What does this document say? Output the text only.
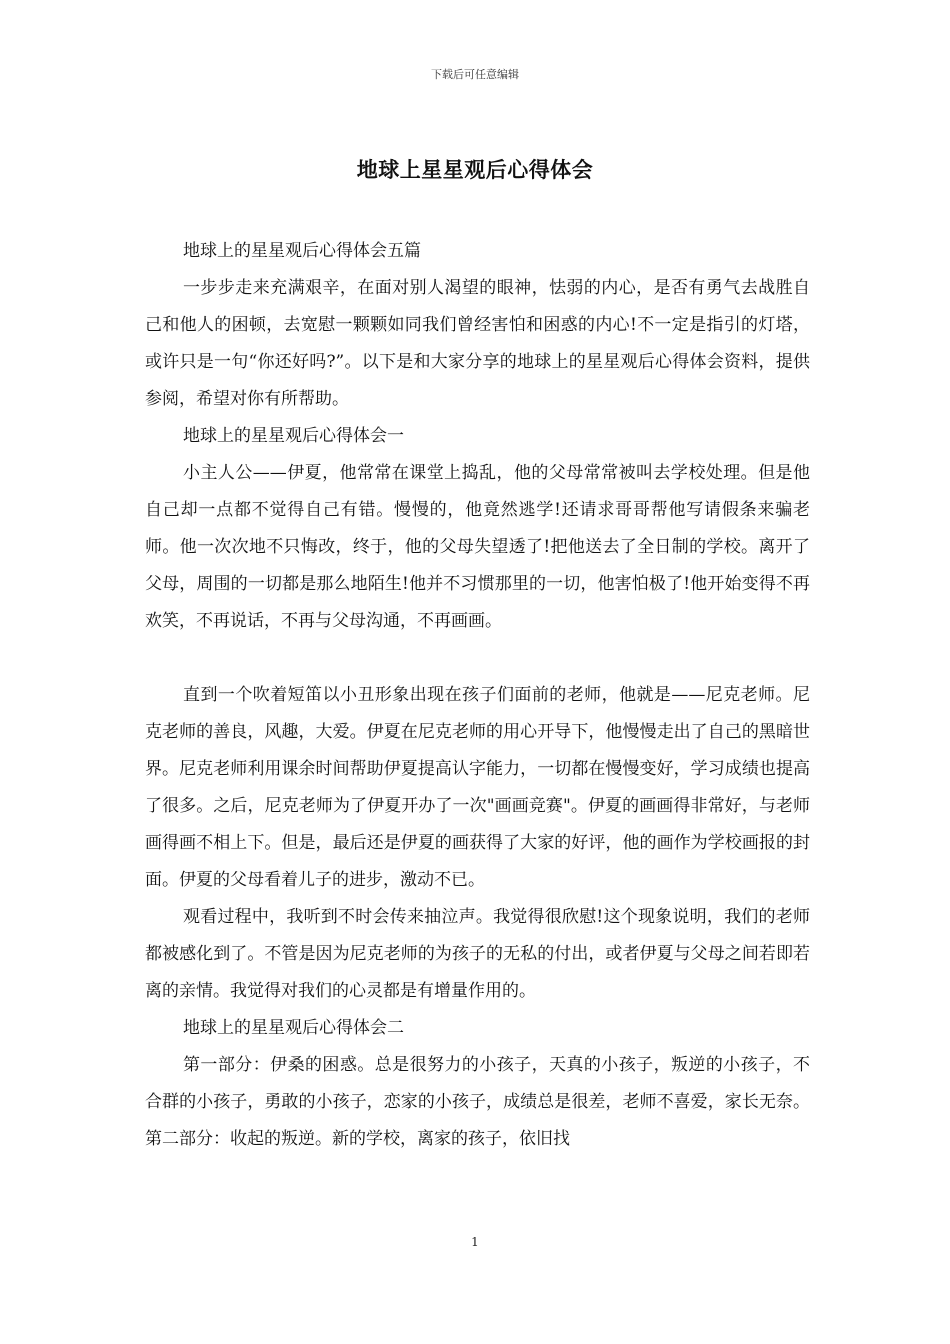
下载后可任意编辑
地球上星星观后心得体会

地球上的星星观后心得体会五篇

一步步走来充满艰辛，在面对别人渴望的眼神，怯弱的内心，是否有勇气去战胜自己和他人的困顿，去宽慰一颗颗如同我们曾经害怕和困惑的内心!不一定是指引的灯塔，或许只是一句“你还好吗?”。以下是和大家分享的地球上的星星观后心得体会资料，提供参阅，希望对你有所帮助。

地球上的星星观后心得体会一

小主人公——伊夏，他常常在课堂上捣乱，他的父母常常被叫去学校处理。但是他自己却一点都不觉得自己有错。慢慢的，他竟然逃学!还请求哥哥帮他写请假条来骗老师。他一次次地不只悔改，终于，他的父母失望透了!把他送去了全日制的学校。离开了父母，周围的一切都是那么地陌生!他并不习惯那里的一切，他害怕极了!他开始变得不再欢笑，不再说话，不再与父母沟通，不再画画。

直到一个吹着短笛以小丑形象出现在孩子们面前的老师，他就是——尼克老师。尼克老师的善良，风趣，大爱。伊夏在尼克老师的用心开导下，他慢慢走出了自己的黑暗世界。尼克老师利用课余时间帮助伊夏提高认字能力，一切都在慢慢变好，学习成绩也提高了很多。之后，尼克老师为了伊夏开办了一次"画画竞赛"。伊夏的画画得非常好，与老师画得画不相上下。但是，最后还是伊夏的画获得了大家的好评，他的画作为学校画报的封面。伊夏的父母看着儿子的进步，激动不已。

观看过程中，我听到不时会传来抽泣声。我觉得很欣慰!这个现象说明，我们的老师都被感化到了。不管是因为尼克老师的为孩子的无私的付出，或者伊夏与父母之间若即若离的亲情。我觉得对我们的心灵都是有增量作用的。

地球上的星星观后心得体会二

第一部分：伊桑的困惑。总是很努力的小孩子，天真的小孩子，叛逆的小孩子，不合群的小孩子，勇敢的小孩子，恋家的小孩子，成绩总是很差，老师不喜爱，家长无奈。第二部分：收起的叛逆。新的学校，离家的孩子，依旧找

1
